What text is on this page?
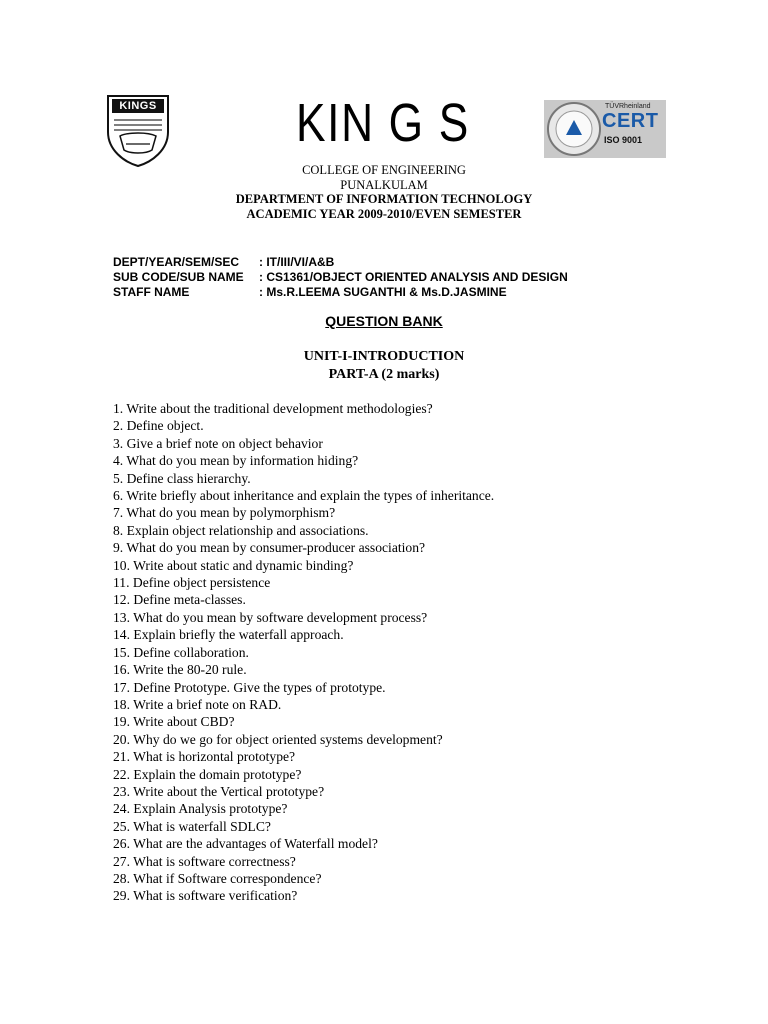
KINGS	KIN G S	TÜVRheinland
CERT
ISO 9001
COLLEGE OF ENGINEERING
PUNALKULAM
DEPARTMENT OF INFORMATION TECHNOLOGY
ACADEMIC YEAR 2009-2010/EVEN SEMESTER
DEPT/YEAR/SEM/SEC	: IT/III/VI/A&B
SUB CODE/SUB NAME	: CS1361/OBJECT ORIENTED ANALYSIS AND DESIGN
STAFF NAME	: Ms.R.LEEMA SUGANTHI & Ms.D.JASMINE
QUESTION BANK
UNIT-I-INTRODUCTION
PART-A (2 marks)
1. Write about the traditional development methodologies?
2. Define object.
3. Give a brief note on object behavior
4. What do you mean by information hiding?
5. Define class hierarchy.
6. Write briefly about inheritance and explain the types of inheritance.
7. What do you mean by polymorphism?
8. Explain object relationship and associations.
9. What do you mean by consumer-producer association?
10. Write about static and dynamic binding?
11. Define object persistence
12. Define meta-classes.
13. What do you mean by software development process?
14. Explain briefly the waterfall approach.
15. Define collaboration.
16. Write the 80-20 rule.
17. Define Prototype. Give the types of prototype.
18. Write a brief note on RAD.
19. Write about CBD?
20. Why do we go for object oriented systems development?
21. What is horizontal prototype?
22. Explain the domain prototype?
23. Write about the Vertical prototype?
24. Explain Analysis prototype?
25. What is waterfall SDLC?
26. What are the advantages of Waterfall model?
27. What is software correctness?
28. What if Software correspondence?
29. What is software verification?
